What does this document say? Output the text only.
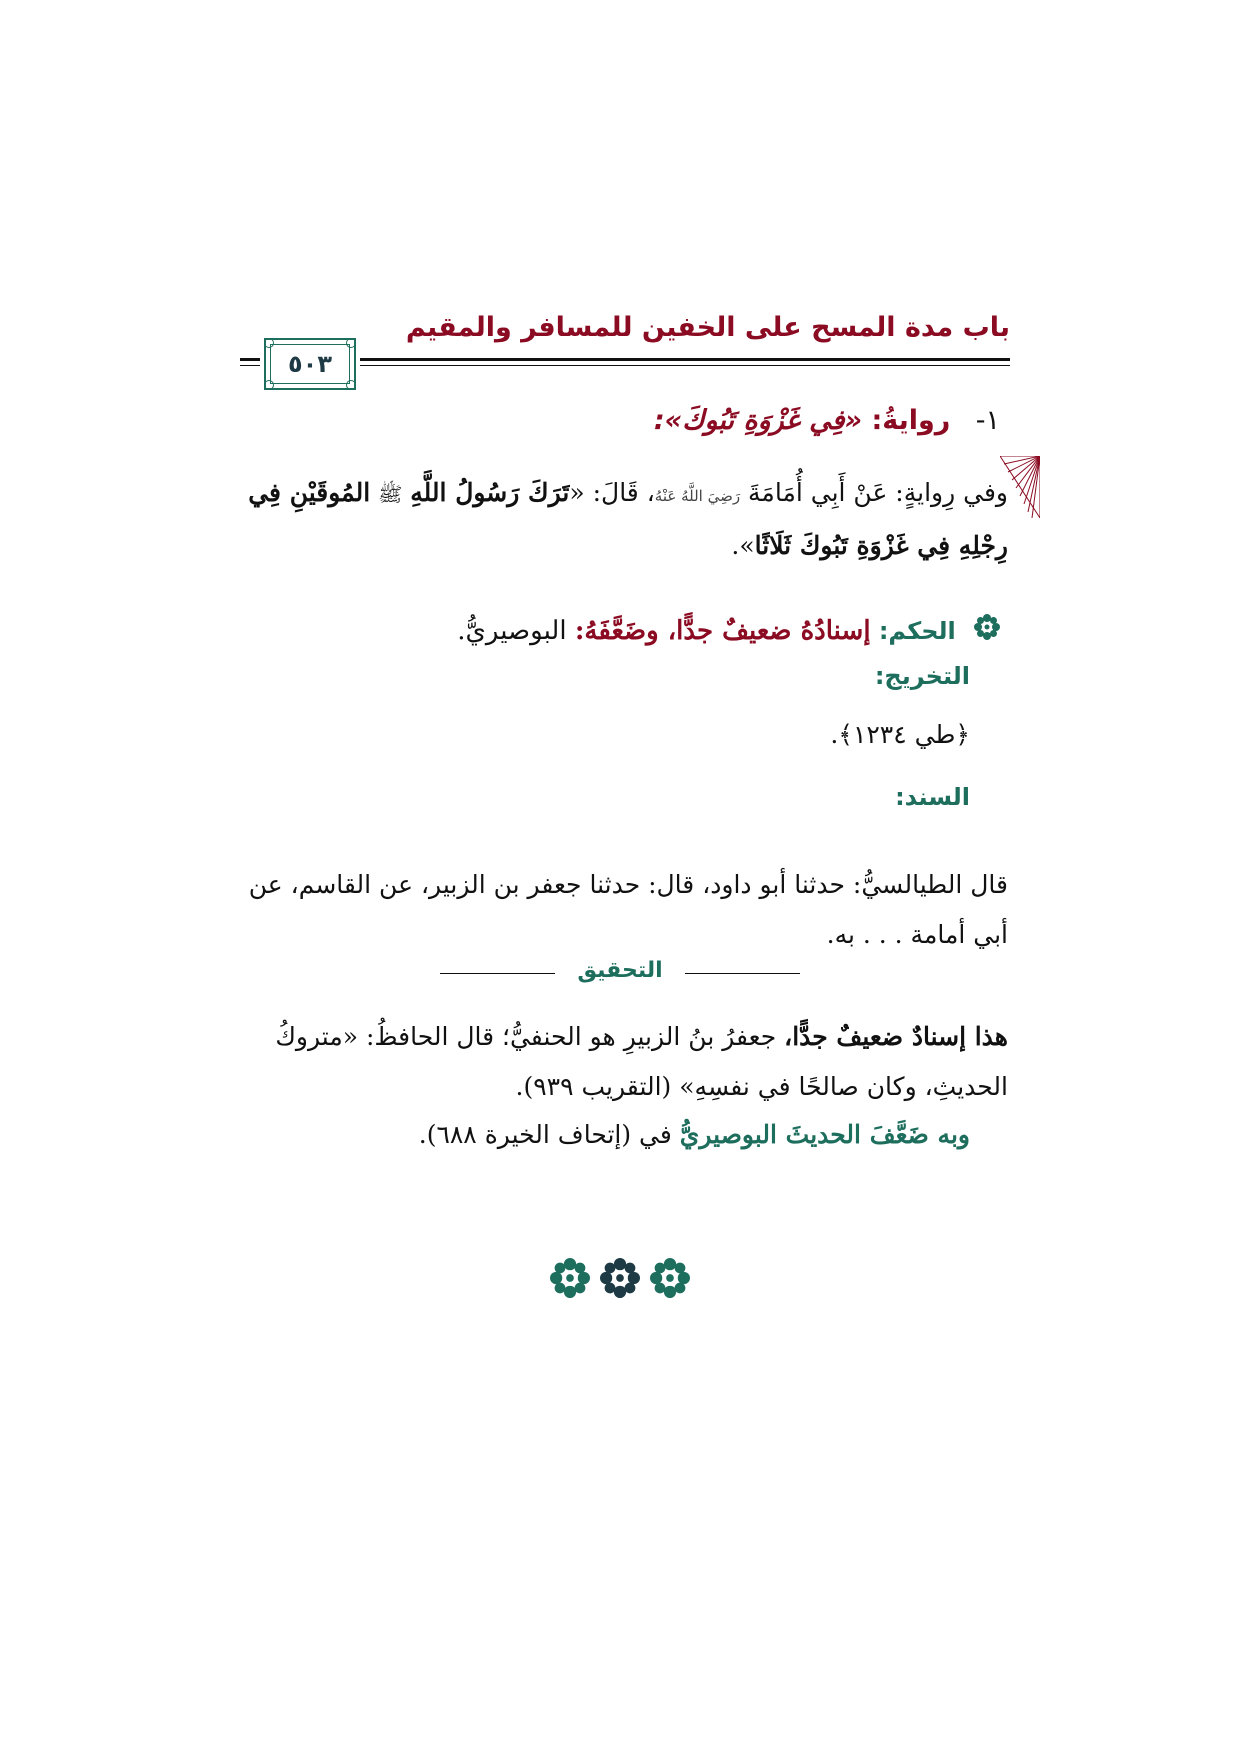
باب مدة المسح على الخفين للمسافر والمقيم
٥٠٣
١- روايةُ: «فِي غَزْوَةِ تَبُوكَ»:
وفي رِوايةٍ: عَنْ أَبِي أُمَامَةَ رَضِيَ اللَّهُ عَنْهُ، قَالَ: «تَرَكَ رَسُولُ اللَّهِ ﷺ المُوقَيْنِ فِي رِجْلِهِ فِي غَزْوَةِ تَبُوكَ ثَلَاثًا».
الحكم: إسنادُهُ ضعيفٌ جدًّا، وضَعَّفَهُ: البوصيريُّ.
التخريج:
﴿طي ١٢٣٤﴾.
السند:
قال الطيالسيُّ: حدثنا أبو داود، قال: حدثنا جعفر بن الزبير، عن القاسم، عن أبي أمامة . . . به.
التحقيق
هذا إسنادٌ ضعيفٌ جدًّا، جعفرُ بنُ الزبيرِ هو الحنفيُّ؛ قال الحافظُ: «متروكُ الحديثِ، وكان صالحًا في نفسِهِ» (التقريب ٩٣٩).
وبه ضَعَّفَ الحديثَ البوصيريُّ في (إتحاف الخيرة ٦٨٨).
